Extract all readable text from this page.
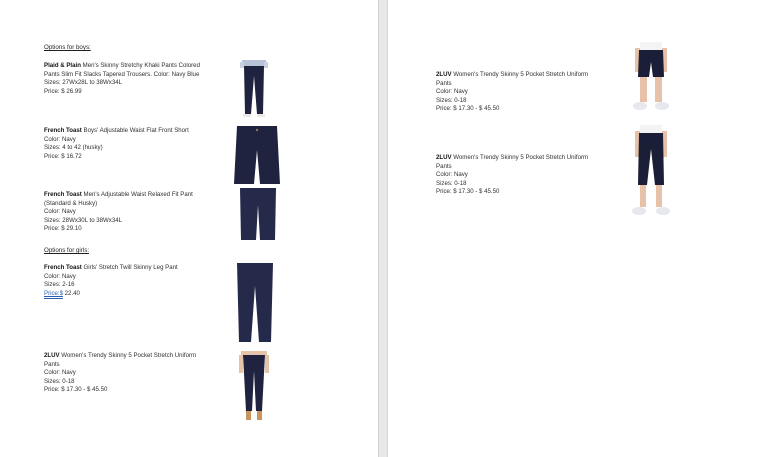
Options for boys:
Plaid & Plain Men's Skinny Stretchy Khaki Pants Colored
Pants Slim Fit Slacks Tapered Trousers. Color: Navy Blue
Sizes: 27Wx28L to 38Wx34L
Price: $ 26.99
French Toast Boys' Adjustable Waist Flat Front Short
Color: Navy
Sizes: 4 to 42 (husky)
Price: $ 16.72
French Toast Men's Adjustable Waist Relaxed Fit Pant
(Standard & Husky)
Color: Navy
Sizes: 28Wx30L to 38Wx34L
Price: $ 29.10
Options for girls:
French Toast Girls' Stretch Twill Skinny Leg Pant
Color: Navy
Sizes: 2-16
Price:$ 22.40
2LUV Women's Trendy Skinny 5 Pocket Stretch Uniform
Pants
Color: Navy
Sizes: 0-18
Price: $ 17.30 - $ 45.50
2LUV Women's Trendy Skinny 5 Pocket Stretch Uniform
Pants
Color: Navy
Sizes: 0-18
Price: $ 17.30 - $ 45.50
2LUV Women's Trendy Skinny 5 Pocket Stretch Uniform
Pants
Color: Navy
Sizes: 0-18
Price: $ 17.30 - $ 45.50
